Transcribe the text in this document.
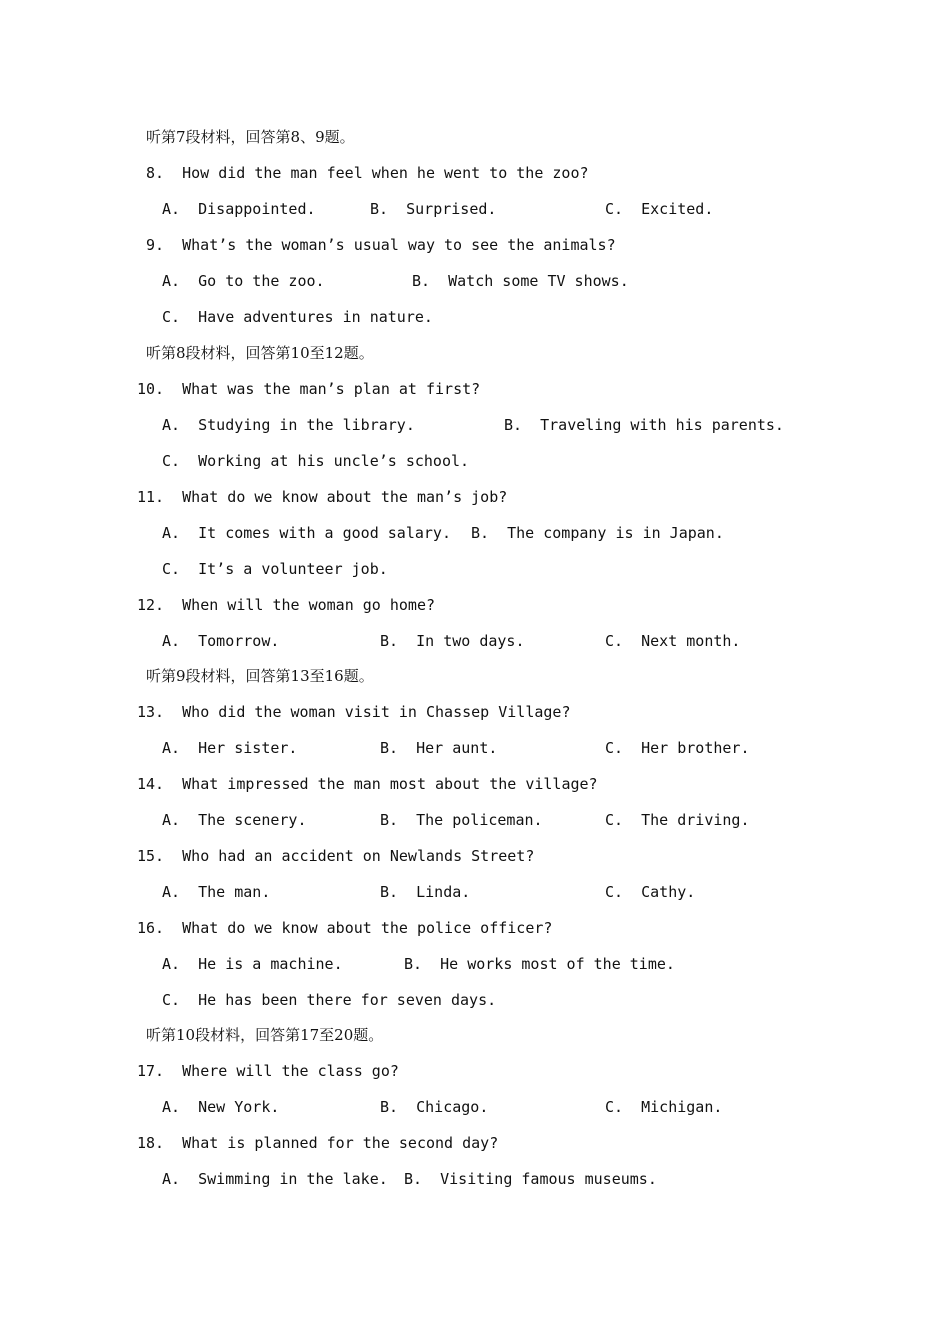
听第7段材料，回答第8、9题。
8.  How did the man feel when he went to the zoo?
A.  Disappointed.	B.  Surprised.	C.  Excited.
9.  What’s the woman’s usual way to see the animals?
A.  Go to the zoo.	B.  Watch some TV shows.
C.  Have adventures in nature.
听第8段材料，回答第10至12题。
10.  What was the man’s plan at first?
A.  Studying in the library.	B.  Traveling with his parents.
C.  Working at his uncle’s school.
11.  What do we know about the man’s job?
A.  It comes with a good salary. B.  The company is in Japan.
C.  It’s a volunteer job.
12.  When will the woman go home?
A.  Tomorrow.	B.  In two days.	C.  Next month.
听第9段材料，回答第13至16题。
13.  Who did the woman visit in Chassep Village?
A.  Her sister.	B.  Her aunt.	C.  Her brother.
14.  What impressed the man most about the village?
A.  The scenery.	B.  The policeman.	C.  The driving.
15.  Who had an accident on Newlands Street?
A.  The man.	B.  Linda.	C.  Cathy.
16.  What do we know about the police officer?
A.  He is a machine.	B.  He works most of the time.
C.  He has been there for seven days.
听第10段材料，回答第17至20题。
17.  Where will the class go?
A.  New York.	B.  Chicago.	C.  Michigan.
18.  What is planned for the second day?
A.  Swimming in the lake. B.  Visiting famous museums.
